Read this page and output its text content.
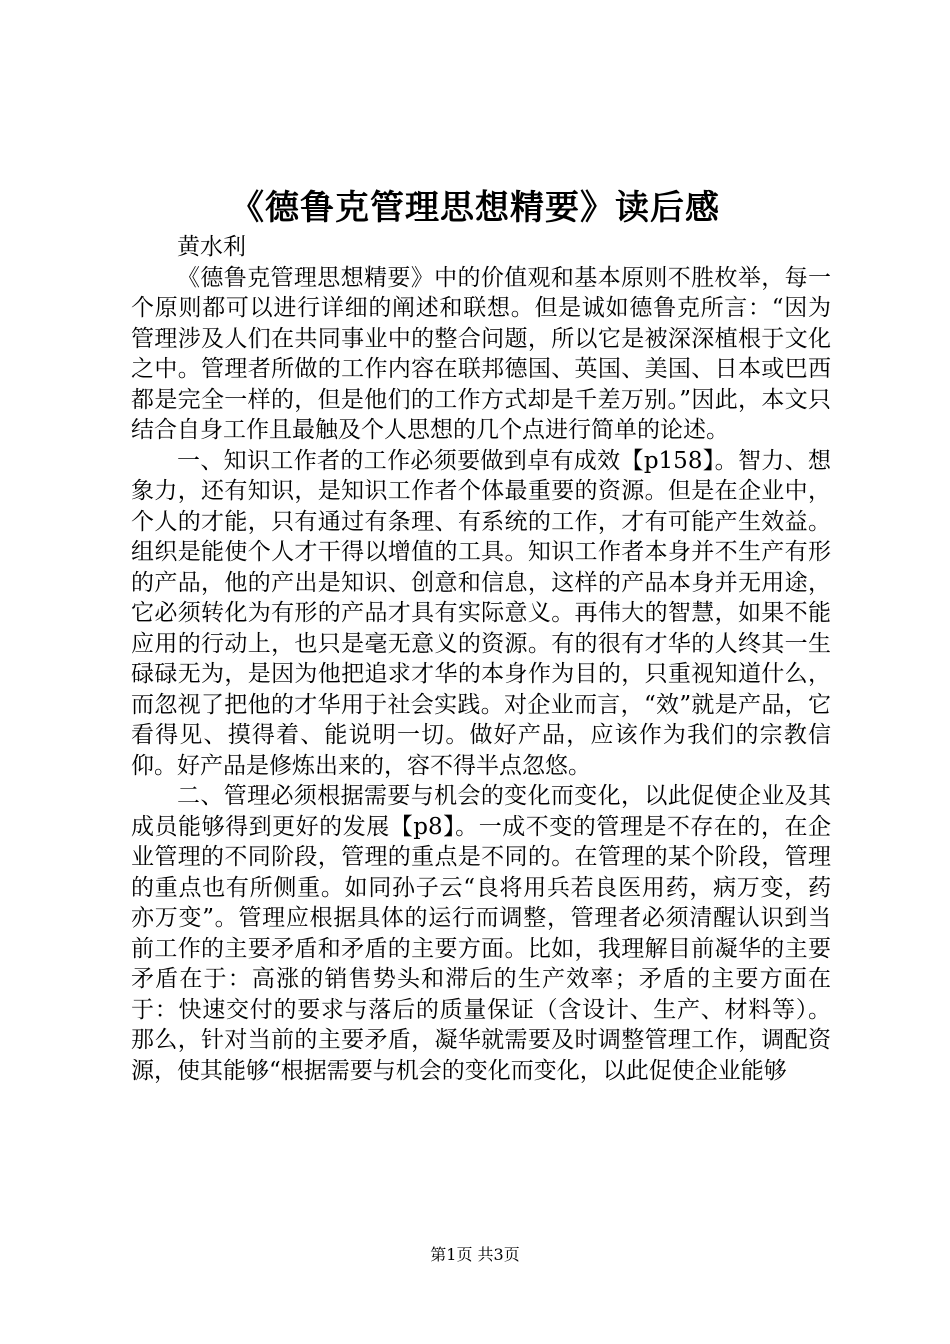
《德鲁克管理思想精要》读后感
黄水利

《德鲁克管理思想精要》中的价值观和基本原则不胜枚举，每一个原则都可以进行详细的阐述和联想。但是诚如德鲁克所言：“因为管理涉及人们在共同事业中的整合问题，所以它是被深深植根于文化之中。管理者所做的工作内容在联邦德国、英国、美国、日本或巴西都是完全一样的，但是他们的工作方式却是千差万别。”因此，本文只结合自身工作且最触及个人思想的几个点进行简单的论述。

一、知识工作者的工作必须要做到卓有成效【p158】。智力、想象力，还有知识，是知识工作者个体最重要的资源。但是在企业中，个人的才能，只有通过有条理、有系统的工作，才有可能产生效益。组织是能使个人才干得以增值的工具。知识工作者本身并不生产有形的产品，他的产出是知识、创意和信息，这样的产品本身并无用途，它必须转化为有形的产品才具有实际意义。再伟大的智慧，如果不能应用的行动上，也只是毫无意义的资源。有的很有才华的人终其一生碌碌无为，是因为他把追求才华的本身作为目的，只重视知道什么，而忽视了把他的才华用于社会实践。对企业而言，“效”就是产品，它看得见、摸得着、能说明一切。做好产品，应该作为我们的宗教信仰。好产品是修炼出来的，容不得半点忽悠。

二、管理必须根据需要与机会的变化而变化，以此促使企业及其成员能够得到更好的发展【p8】。一成不变的管理是不存在的，在企业管理的不同阶段，管理的重点是不同的。在管理的某个阶段，管理的重点也有所侧重。如同孙子云“良将用兵若良医用药，病万变，药亦万变”。管理应根据具体的运行而调整，管理者必须清醒认识到当前工作的主要矛盾和矛盾的主要方面。比如，我理解目前凝华的主要矛盾在于：高涨的销售势头和滞后的生产效率；矛盾的主要方面在于：快速交付的要求与落后的质量保证（含设计、生产、材料等）。那么，针对当前的主要矛盾，凝华就需要及时调整管理工作，调配资源，使其能够“根据需要与机会的变化而变化，以此促使企业能够

第1页 共3页
